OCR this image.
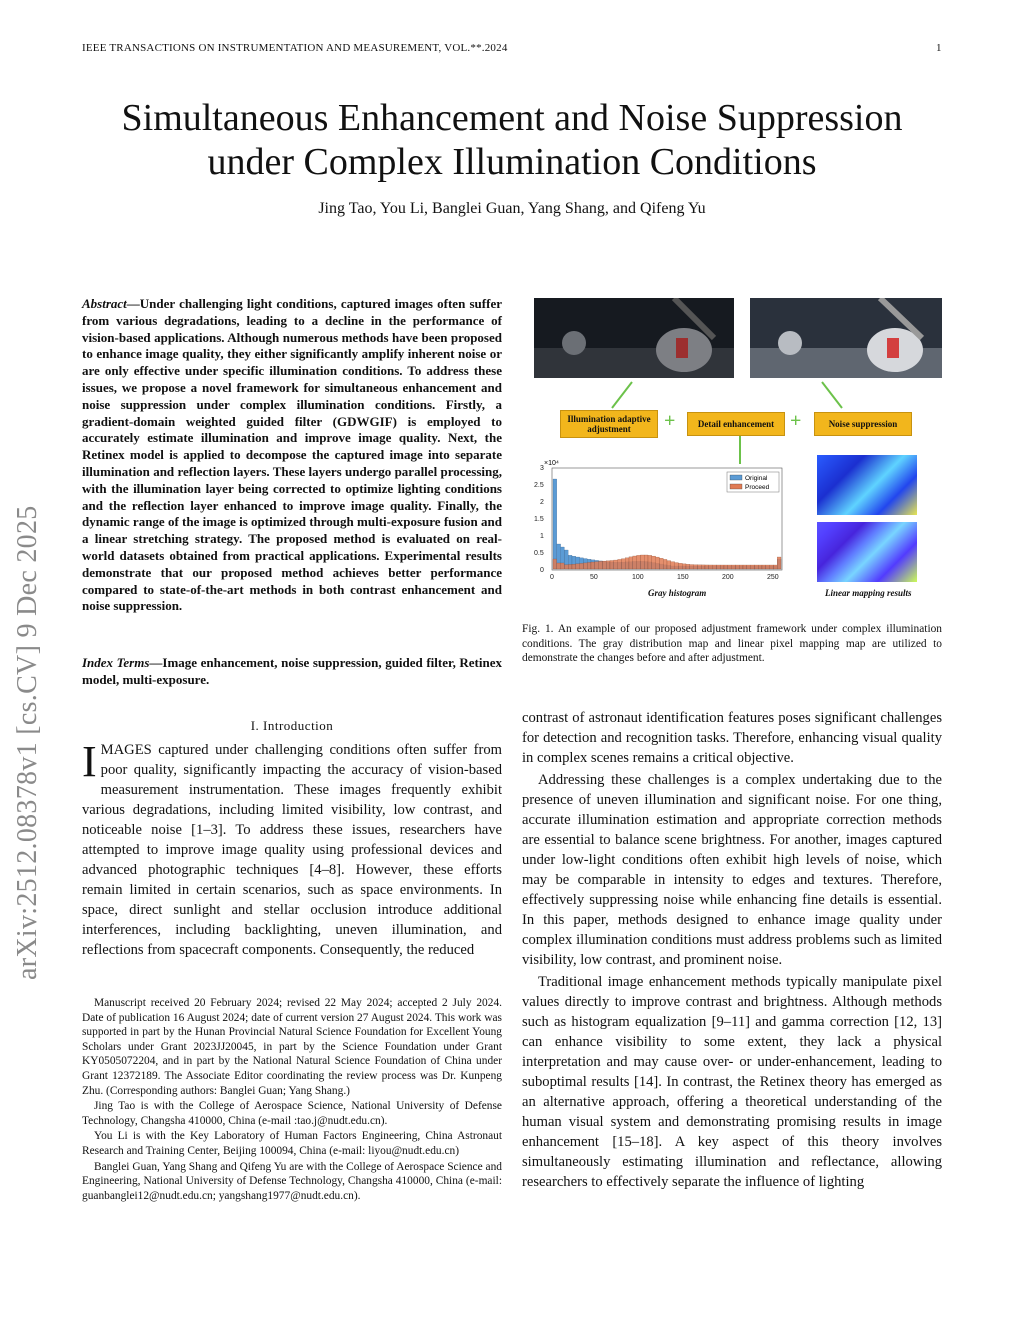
IEEE TRANSACTIONS ON INSTRUMENTATION AND MEASUREMENT, VOL.**.2024	1
arXiv:2512.08378v1 [cs.CV] 9 Dec 2025
Simultaneous Enhancement and Noise Suppression
under Complex Illumination Conditions
Jing Tao, You Li, Banglei Guan, Yang Shang, and Qifeng Yu
Abstract—Under challenging light conditions, captured images often suffer from various degradations, leading to a decline in the performance of vision-based applications. Although numerous methods have been proposed to enhance image quality, they either significantly amplify inherent noise or are only effective under specific illumination conditions. To address these issues, we propose a novel framework for simultaneous enhancement and noise suppression under complex illumination conditions. Firstly, a gradient-domain weighted guided filter (GDWGIF) is employed to accurately estimate illumination and improve image quality. Next, the Retinex model is applied to decompose the captured image into separate illumination and reflection layers. These layers undergo parallel processing, with the illumination layer being corrected to optimize lighting conditions and the reflection layer enhanced to improve image quality. Finally, the dynamic range of the image is optimized through multi-exposure fusion and a linear stretching strategy. The proposed method is evaluated on real-world datasets obtained from practical applications. Experimental results demonstrate that our proposed method achieves better performance compared to state-of-the-art methods in both contrast enhancement and noise suppression.
Index Terms—Image enhancement, noise suppression, guided filter, Retinex model, multi-exposure.
I. Introduction

IMAGES captured under challenging conditions often suffer from poor quality, significantly impacting the accuracy of vision-based measurement instrumentation. These images frequently exhibit various degradations, including limited visibility, low contrast, and noticeable noise [1–3]. To address these issues, researchers have attempted to improve image quality using professional devices and advanced photographic techniques [4–8]. However, these efforts remain limited in certain scenarios, such as space environments. In space, direct sunlight and stellar occlusion introduce additional interferences, including backlighting, uneven illumination, and reflections from spacecraft components. Consequently, the reduced

Manuscript received 20 February 2024; revised 22 May 2024; accepted 2 July 2024. Date of publication 16 August 2024; date of current version 27 August 2024. This work was supported in part by the Hunan Provincial Natural Science Foundation for Excellent Young Scholars under Grant 2023JJ20045, in part by the Science Foundation under Grant KY0505072204, and in part by the National Natural Science Foundation of China under Grant 12372189. The Associate Editor coordinating the review process was Dr. Kunpeng Zhu. (Corresponding authors: Banglei Guan; Yang Shang.)

Jing Tao is with the College of Aerospace Science, National University of Defense Technology, Changsha 410000, China (e-mail :tao.j@nudt.edu.cn).

You Li is with the Key Laboratory of Human Factors Engineering, China Astronaut Research and Training Center, Beijing 100094, China (e-mail: liyou@nudt.edu.cn)

Banglei Guan, Yang Shang and Qifeng Yu are with the College of Aerospace Science and Engineering, National University of Defense Technology, Changsha 410000, China (e-mail: guanbanglei12@nudt.edu.cn; yangshang1977@nudt.edu.cn).

Illumination adaptive adjustment	+	Detail enhancement +	Noise suppression
×10⁴
3
2.5
2
1.5
1
0.5
0
0	50	100	150	200	250
Original
Proceed
Gray histogram	Linear mapping results
Fig. 1. An example of our proposed adjustment framework under complex illumination conditions. The gray distribution map and linear pixel mapping map are utilized to demonstrate the changes before and after adjustment.

contrast of astronaut identification features poses significant challenges for detection and recognition tasks. Therefore, enhancing visual quality in complex scenes remains a critical objective.

Addressing these challenges is a complex undertaking due to the presence of uneven illumination and significant noise. For one thing, accurate illumination estimation and appropriate correction methods are essential to balance scene brightness. For another, images captured under low-light conditions often exhibit high levels of noise, which may be comparable in intensity to edges and textures. Therefore, effectively suppressing noise while enhancing fine details is essential. In this paper, methods designed to enhance image quality under complex illumination conditions must address problems such as limited visibility, low contrast, and prominent noise.

Traditional image enhancement methods typically manipulate pixel values directly to improve contrast and brightness. Although methods such as histogram equalization [9–11] and gamma correction [12, 13] can enhance visibility to some extent, they lack a physical interpretation and may cause over- or under-enhancement, leading to suboptimal results [14]. In contrast, the Retinex theory has emerged as an alternative approach, offering a theoretical understanding of the human visual system and demonstrating promising results in image enhancement [15–18]. A key aspect of this theory involves simultaneously estimating illumination and reflectance, allowing researchers to effectively separate the influence of lighting
